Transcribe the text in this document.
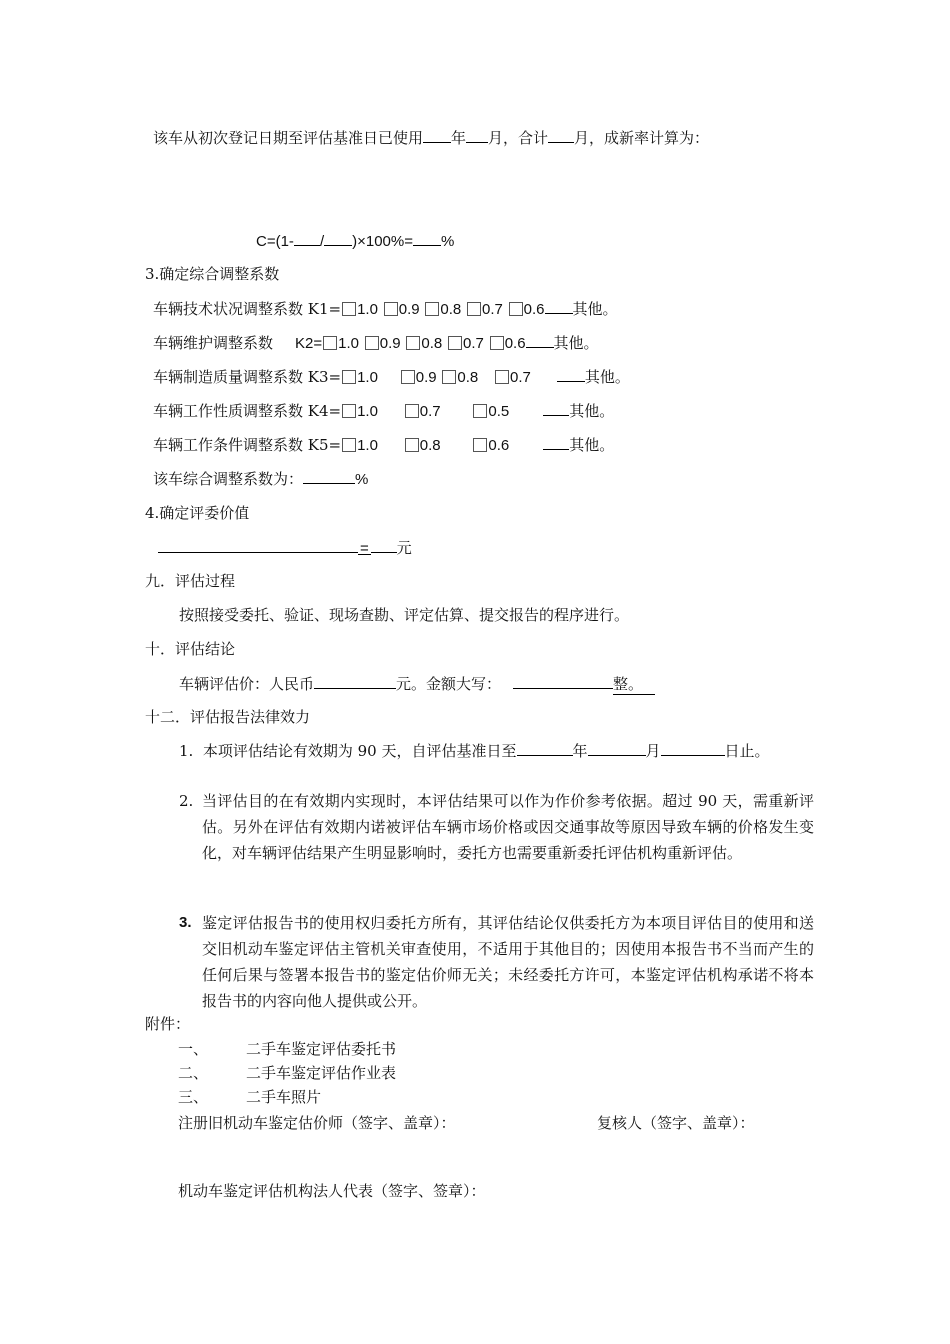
该车从初次登记日期至评估基准日已使用 年 月，合计 月，成新率计算为：
C=(1- / )×100%= %
3.确定综合调整系数
车辆技术状况调整系数 K1= 1.0 0.9 0.8 0.7 0.6 其他。
车辆维护调整系数 K2= 1.0 0.9 0.8 0.7 0.6 其他。
车辆制造质量调整系数 K3= 1.0	0.9 0.8 0.7	其他。
车辆工作性质调整系数 K4= 1.0	0.7	0.5	其他。
车辆工作条件调整系数 K5= 1.0	0.8	0.6	其他。
该车综合调整系数为：	%
4.确定评委价值
= 元
九．评估过程
按照接受委托、验证、现场查勘、评定估算、提交报告的程序进行。
十．评估结论
车辆评估价：人民币	元。金额大写：	整。
十二．评估报告法律效力
1. 本项评估结论有效期为 90 天，自评估基准日至	年	月	日止。
2. 当评估目的在有效期内实现时，本评估结果可以作为作价参考依据。超过 90 天，需重新评估。另外在评估有效期内诺被评估车辆市场价格或因交通事故等原因导致车辆的价格发生变化，对车辆评估结果产生明显影响时，委托方也需要重新委托评估机构重新评估。
3. 鉴定评估报告书的使用权归委托方所有，其评估结论仅供委托方为本项目评估目的使用和送交旧机动车鉴定评估主管机关审查使用，不适用于其他目的；因使用本报告书不当而产生的任何后果与签署本报告书的鉴定估价师无关；未经委托方许可，本鉴定评估机构承诺不将本报告书的内容向他人提供或公开。
附件：
一、	二手车鉴定评估委托书
二、	二手车鉴定评估作业表
三、	二手车照片
注册旧机动车鉴定估价师（签字、盖章）：	复核人（签字、盖章）：
机动车鉴定评估机构法人代表（签字、签章）：
